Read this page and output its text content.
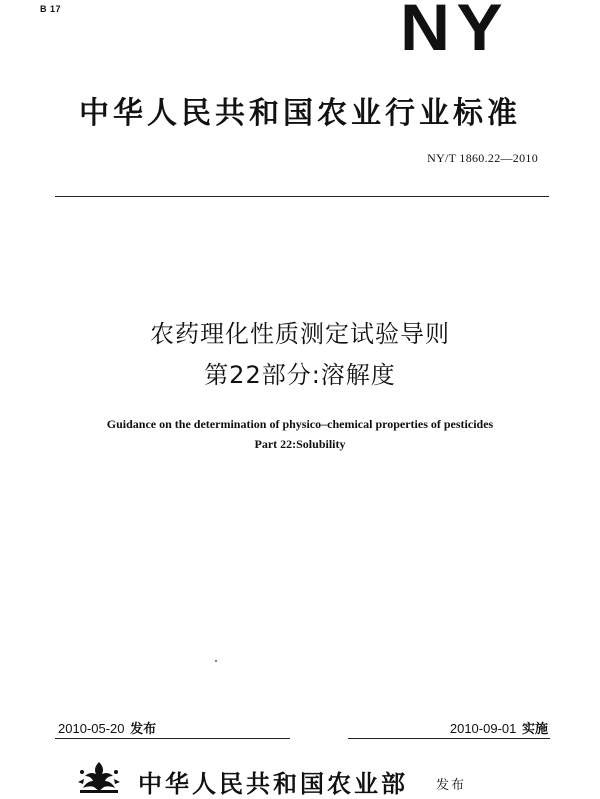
B 17	NY
中华人民共和国农业行业标准
NY/T 1860.22—2010
农药理化性质测定试验导则
第22部分:溶解度
Guidance on the determination of physico–chemical properties of pesticides
Part 22:Solubility
2010-05-20 发布	2010-09-01 实施
中华人民共和国农业部 发布
